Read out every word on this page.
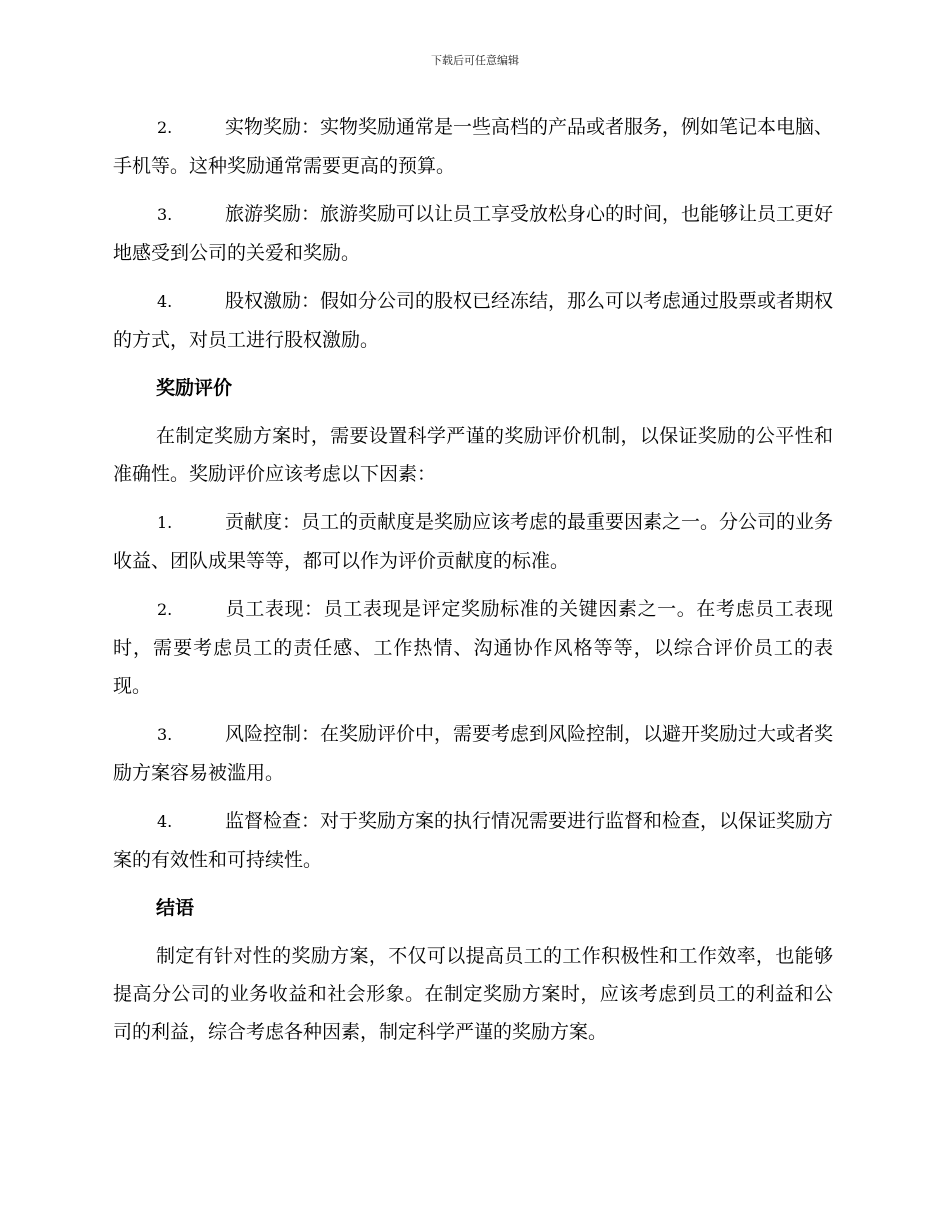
下载后可任意编辑

2.	实物奖励：实物奖励通常是一些高档的产品或者服务，例如笔记本电脑、手机等。这种奖励通常需要更高的预算。

3.	旅游奖励：旅游奖励可以让员工享受放松身心的时间，也能够让员工更好地感受到公司的关爱和奖励。

4.	股权激励：假如分公司的股权已经冻结，那么可以考虑通过股票或者期权的方式，对员工进行股权激励。

奖励评价

在制定奖励方案时，需要设置科学严谨的奖励评价机制，以保证奖励的公平性和准确性。奖励评价应该考虑以下因素：

1.	贡献度：员工的贡献度是奖励应该考虑的最重要因素之一。分公司的业务收益、团队成果等等，都可以作为评价贡献度的标准。

2.	员工表现：员工表现是评定奖励标准的关键因素之一。在考虑员工表现时，需要考虑员工的责任感、工作热情、沟通协作风格等等，以综合评价员工的表现。

3.	风险控制：在奖励评价中，需要考虑到风险控制，以避开奖励过大或者奖励方案容易被滥用。

4.	监督检查：对于奖励方案的执行情况需要进行监督和检查，以保证奖励方案的有效性和可持续性。

结语

制定有针对性的奖励方案，不仅可以提高员工的工作积极性和工作效率，也能够提高分公司的业务收益和社会形象。在制定奖励方案时，应该考虑到员工的利益和公司的利益，综合考虑各种因素，制定科学严谨的奖励方案。
